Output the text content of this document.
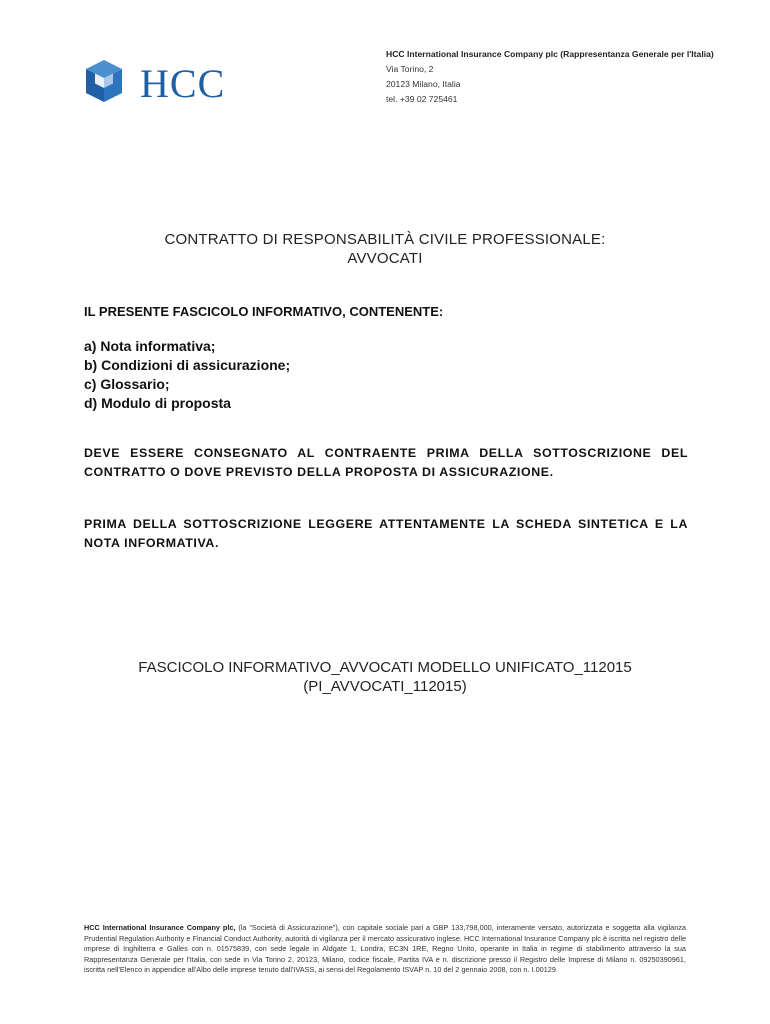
HCC
HCC International Insurance Company plc (Rappresentanza Generale per l'Italia)
Via Torino, 2
20123 Milano, Italia
tel. +39 02 725461
CONTRATTO DI RESPONSABILITÀ CIVILE PROFESSIONALE:
AVVOCATI
IL PRESENTE FASCICOLO INFORMATIVO, CONTENENTE:
a) Nota informativa;
b) Condizioni di assicurazione;
c) Glossario;
d) Modulo di proposta
DEVE ESSERE CONSEGNATO AL CONTRAENTE PRIMA DELLA SOTTOSCRIZIONE DEL CONTRATTO O DOVE PREVISTO DELLA PROPOSTA DI ASSICURAZIONE.
PRIMA DELLA SOTTOSCRIZIONE LEGGERE ATTENTAMENTE LA SCHEDA SINTETICA E LA NOTA INFORMATIVA.
FASCICOLO INFORMATIVO_AVVOCATI MODELLO UNIFICATO_112015
(PI_AVVOCATI_112015)
HCC International Insurance Company plc, (la "Società di Assicurazione"), con capitale sociale pari a GBP 133,798,000, interamente versato, autorizzata e soggetta alla vigilanza Prudential Regulation Authority e Financial Conduct Authority, autorità di vigilanza per il mercato assicurativo inglese. HCC International Insurance Company plc è iscritta nel registro delle imprese di Inghilterra e Galles con n. 01575839, con sede legale in Aldgate 1, Londra, EC3N 1RE, Regno Unito, operante in Italia in regime di stabilimento attraverso la sua Rappresentanza Generale per l'Italia, con sede in Via Torino 2, 20123, Milano, codice fiscale, Partita IVA e n. discrizione presso il Registro delle Imprese di Milano n. 09250390961, iscritta nell'Elenco in appendice all'Albo delle imprese tenuto dall'IVASS, ai sensi del Regolamento ISVAP n. 10 del 2 gennaio 2008, con n. I.00129.
